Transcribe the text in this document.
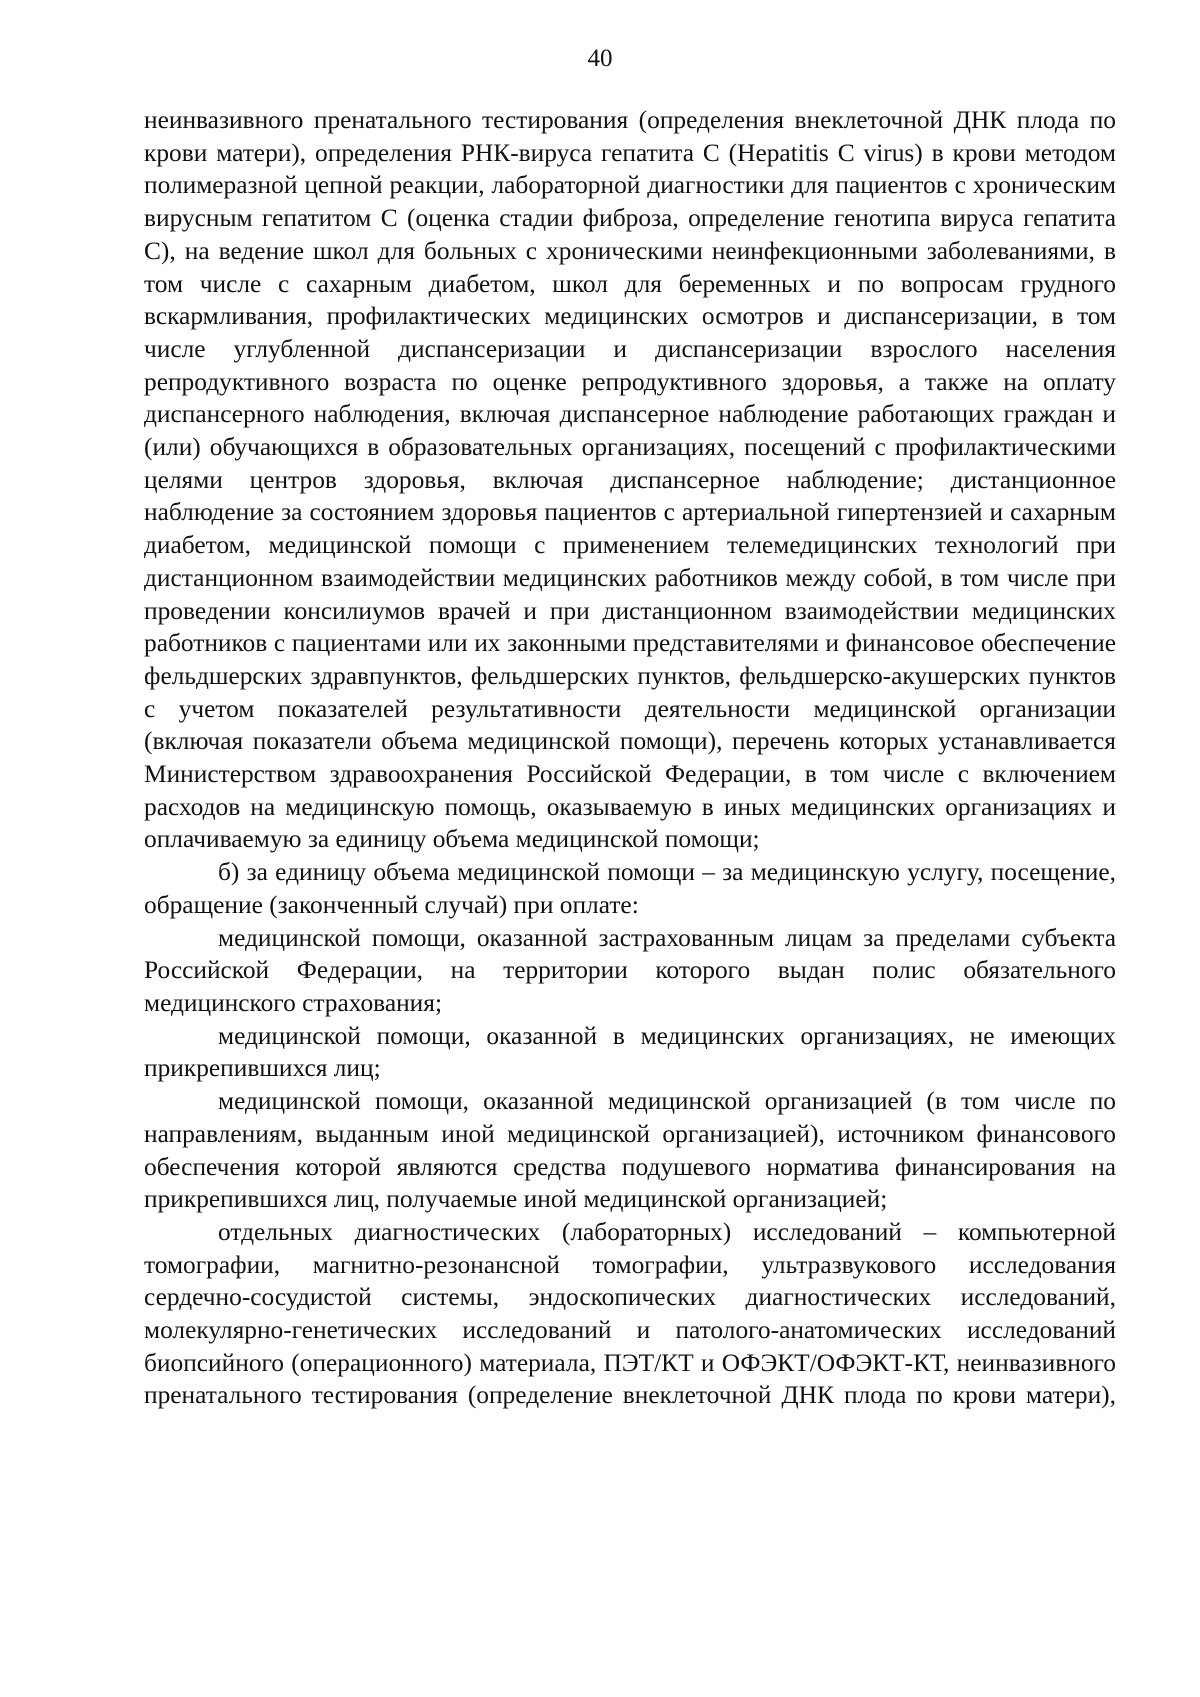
40

неинвазивного пренатального тестирования (определения внеклеточной ДНК плода по крови матери), определения РНК-вируса гепатита C (Hepatitis C virus) в крови методом полимеразной цепной реакции, лабораторной диагностики для пациентов с хроническим вирусным гепатитом C (оценка стадии фиброза, определение генотипа вируса гепатита C), на ведение школ для больных с хроническими неинфекционными заболеваниями, в том числе с сахарным диабетом, школ для беременных и по вопросам грудного вскармливания, профилактических медицинских осмотров и диспансеризации, в том числе углубленной диспансеризации и диспансеризации взрослого населения репродуктивного возраста по оценке репродуктивного здоровья, а также на оплату диспансерного наблюдения, включая диспансерное наблюдение работающих граждан и (или) обучающихся в образовательных организациях, посещений с профилактическими целями центров здоровья, включая диспансерное наблюдение; дистанционное наблюдение за состоянием здоровья пациентов с артериальной гипертензией и сахарным диабетом, медицинской помощи с применением телемедицинских технологий при дистанционном взаимодействии медицинских работников между собой, в том числе при проведении консилиумов врачей и при дистанционном взаимодействии медицинских работников с пациентами или их законными представителями и финансовое обеспечение фельдшерских здравпунктов, фельдшерских пунктов, фельдшерско-акушерских пунктов с учетом показателей результативности деятельности медицинской организации (включая показатели объема медицинской помощи), перечень которых устанавливается Министерством здравоохранения Российской Федерации, в том числе с включением расходов на медицинскую помощь, оказываемую в иных медицинских организациях и оплачиваемую за единицу объема медицинской помощи;

б) за единицу объема медицинской помощи – за медицинскую услугу, посещение, обращение (законченный случай) при оплате:

медицинской помощи, оказанной застрахованным лицам за пределами субъекта Российской Федерации, на территории которого выдан полис обязательного медицинского страхования;

медицинской помощи, оказанной в медицинских организациях, не имеющих прикрепившихся лиц;

медицинской помощи, оказанной медицинской организацией (в том числе по направлениям, выданным иной медицинской организацией), источником финансового обеспечения которой являются средства подушевого норматива финансирования на прикрепившихся лиц, получаемые иной медицинской организацией;

отдельных диагностических (лабораторных) исследований – компьютерной томографии, магнитно-резонансной томографии, ультразвукового исследования сердечно-сосудистой системы, эндоскопических диагностических исследований, молекулярно-генетических исследований и патолого-анатомических исследований биопсийного (операционного) материала, ПЭТ/КТ и ОФЭКТ/ОФЭКТ-КТ, неинвазивного пренатального тестирования (определение внеклеточной ДНК плода по крови матери),
